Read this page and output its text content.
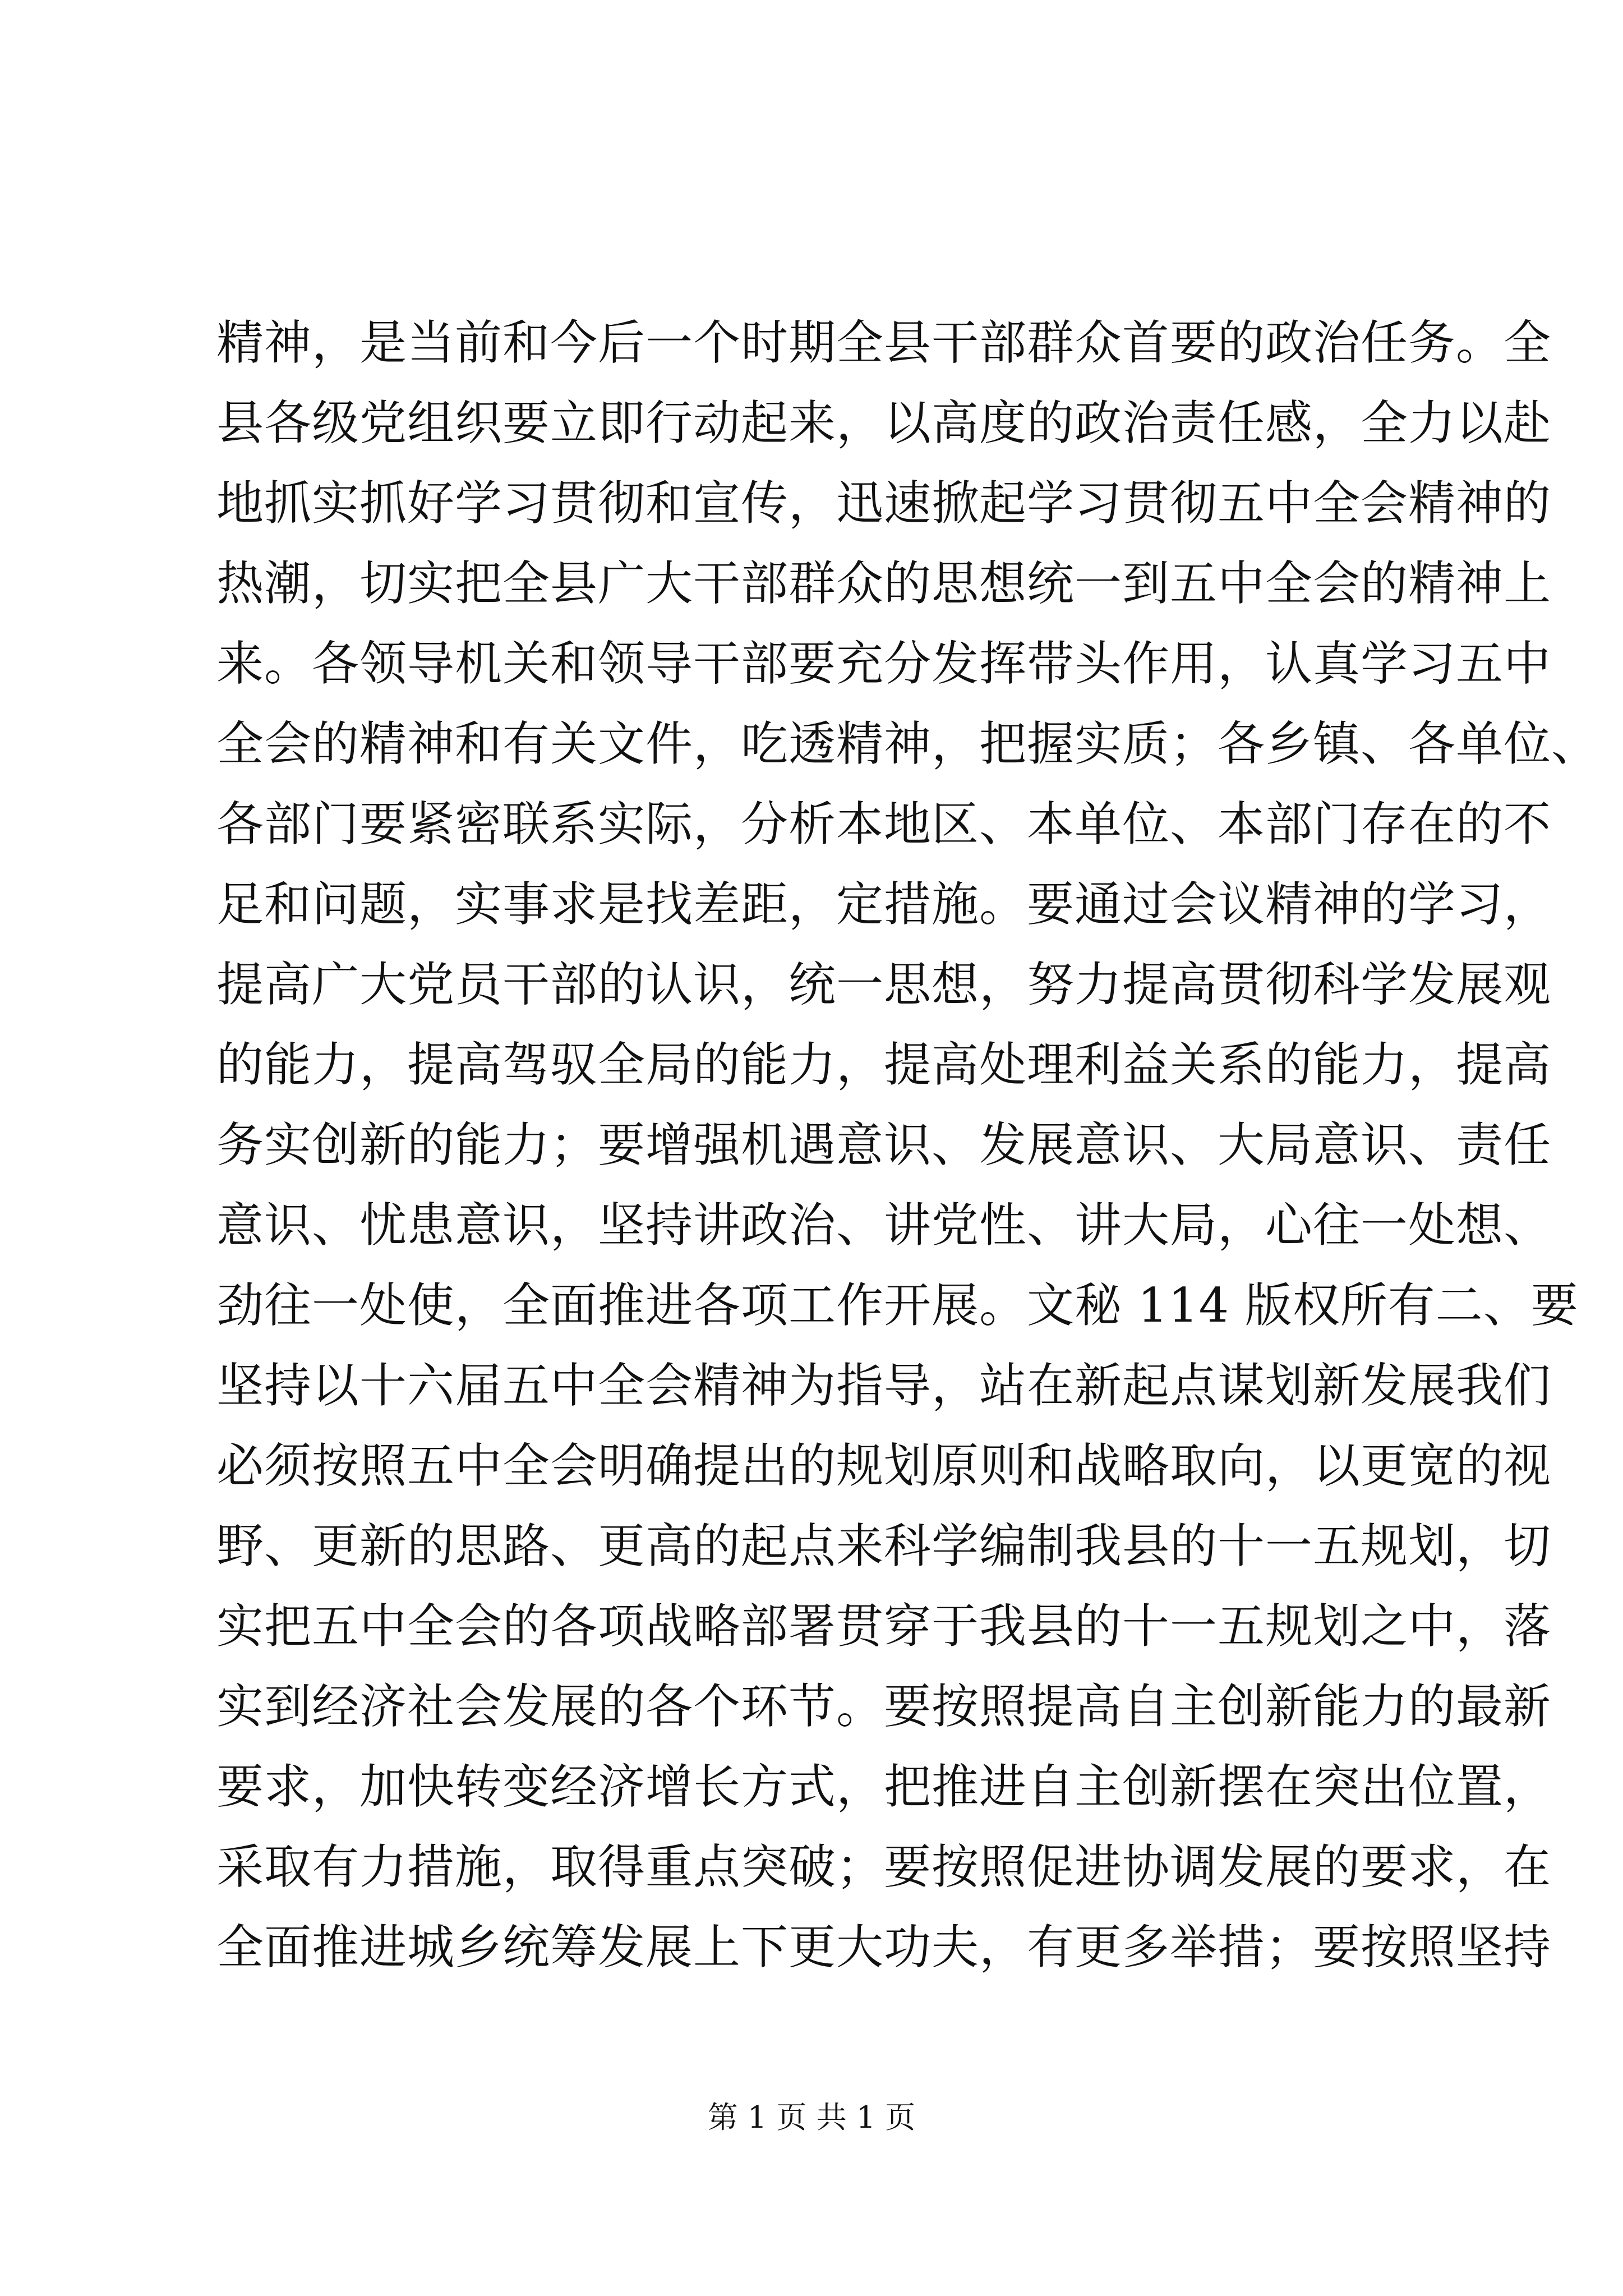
精神，是当前和今后一个时期全县干部群众首要的政治任务。全
县各级党组织要立即行动起来，以高度的政治责任感，全力以赴
地抓实抓好学习贯彻和宣传，迅速掀起学习贯彻五中全会精神的
热潮，切实把全县广大干部群众的思想统一到五中全会的精神上
来。各领导机关和领导干部要充分发挥带头作用，认真学习五中
全会的精神和有关文件，吃透精神，把握实质；各乡镇、各单位、
各部门要紧密联系实际，分析本地区、本单位、本部门存在的不
足和问题，实事求是找差距，定措施。要通过会议精神的学习，
提高广大党员干部的认识，统一思想，努力提高贯彻科学发展观
的能力，提高驾驭全局的能力，提高处理利益关系的能力，提高
务实创新的能力；要增强机遇意识、发展意识、大局意识、责任
意识、忧患意识，坚持讲政治、讲党性、讲大局，心往一处想、
劲往一处使，全面推进各项工作开展。文秘 114 版权所有二、要
坚持以十六届五中全会精神为指导，站在新起点谋划新发展我们
必须按照五中全会明确提出的规划原则和战略取向，以更宽的视
野、更新的思路、更高的起点来科学编制我县的十一五规划，切
实把五中全会的各项战略部署贯穿于我县的十一五规划之中，落
实到经济社会发展的各个环节。要按照提高自主创新能力的最新
要求，加快转变经济增长方式，把推进自主创新摆在突出位置，
采取有力措施，取得重点突破；要按照促进协调发展的要求，在
全面推进城乡统筹发展上下更大功夫，有更多举措；要按照坚持
第 1 页 共 1 页
